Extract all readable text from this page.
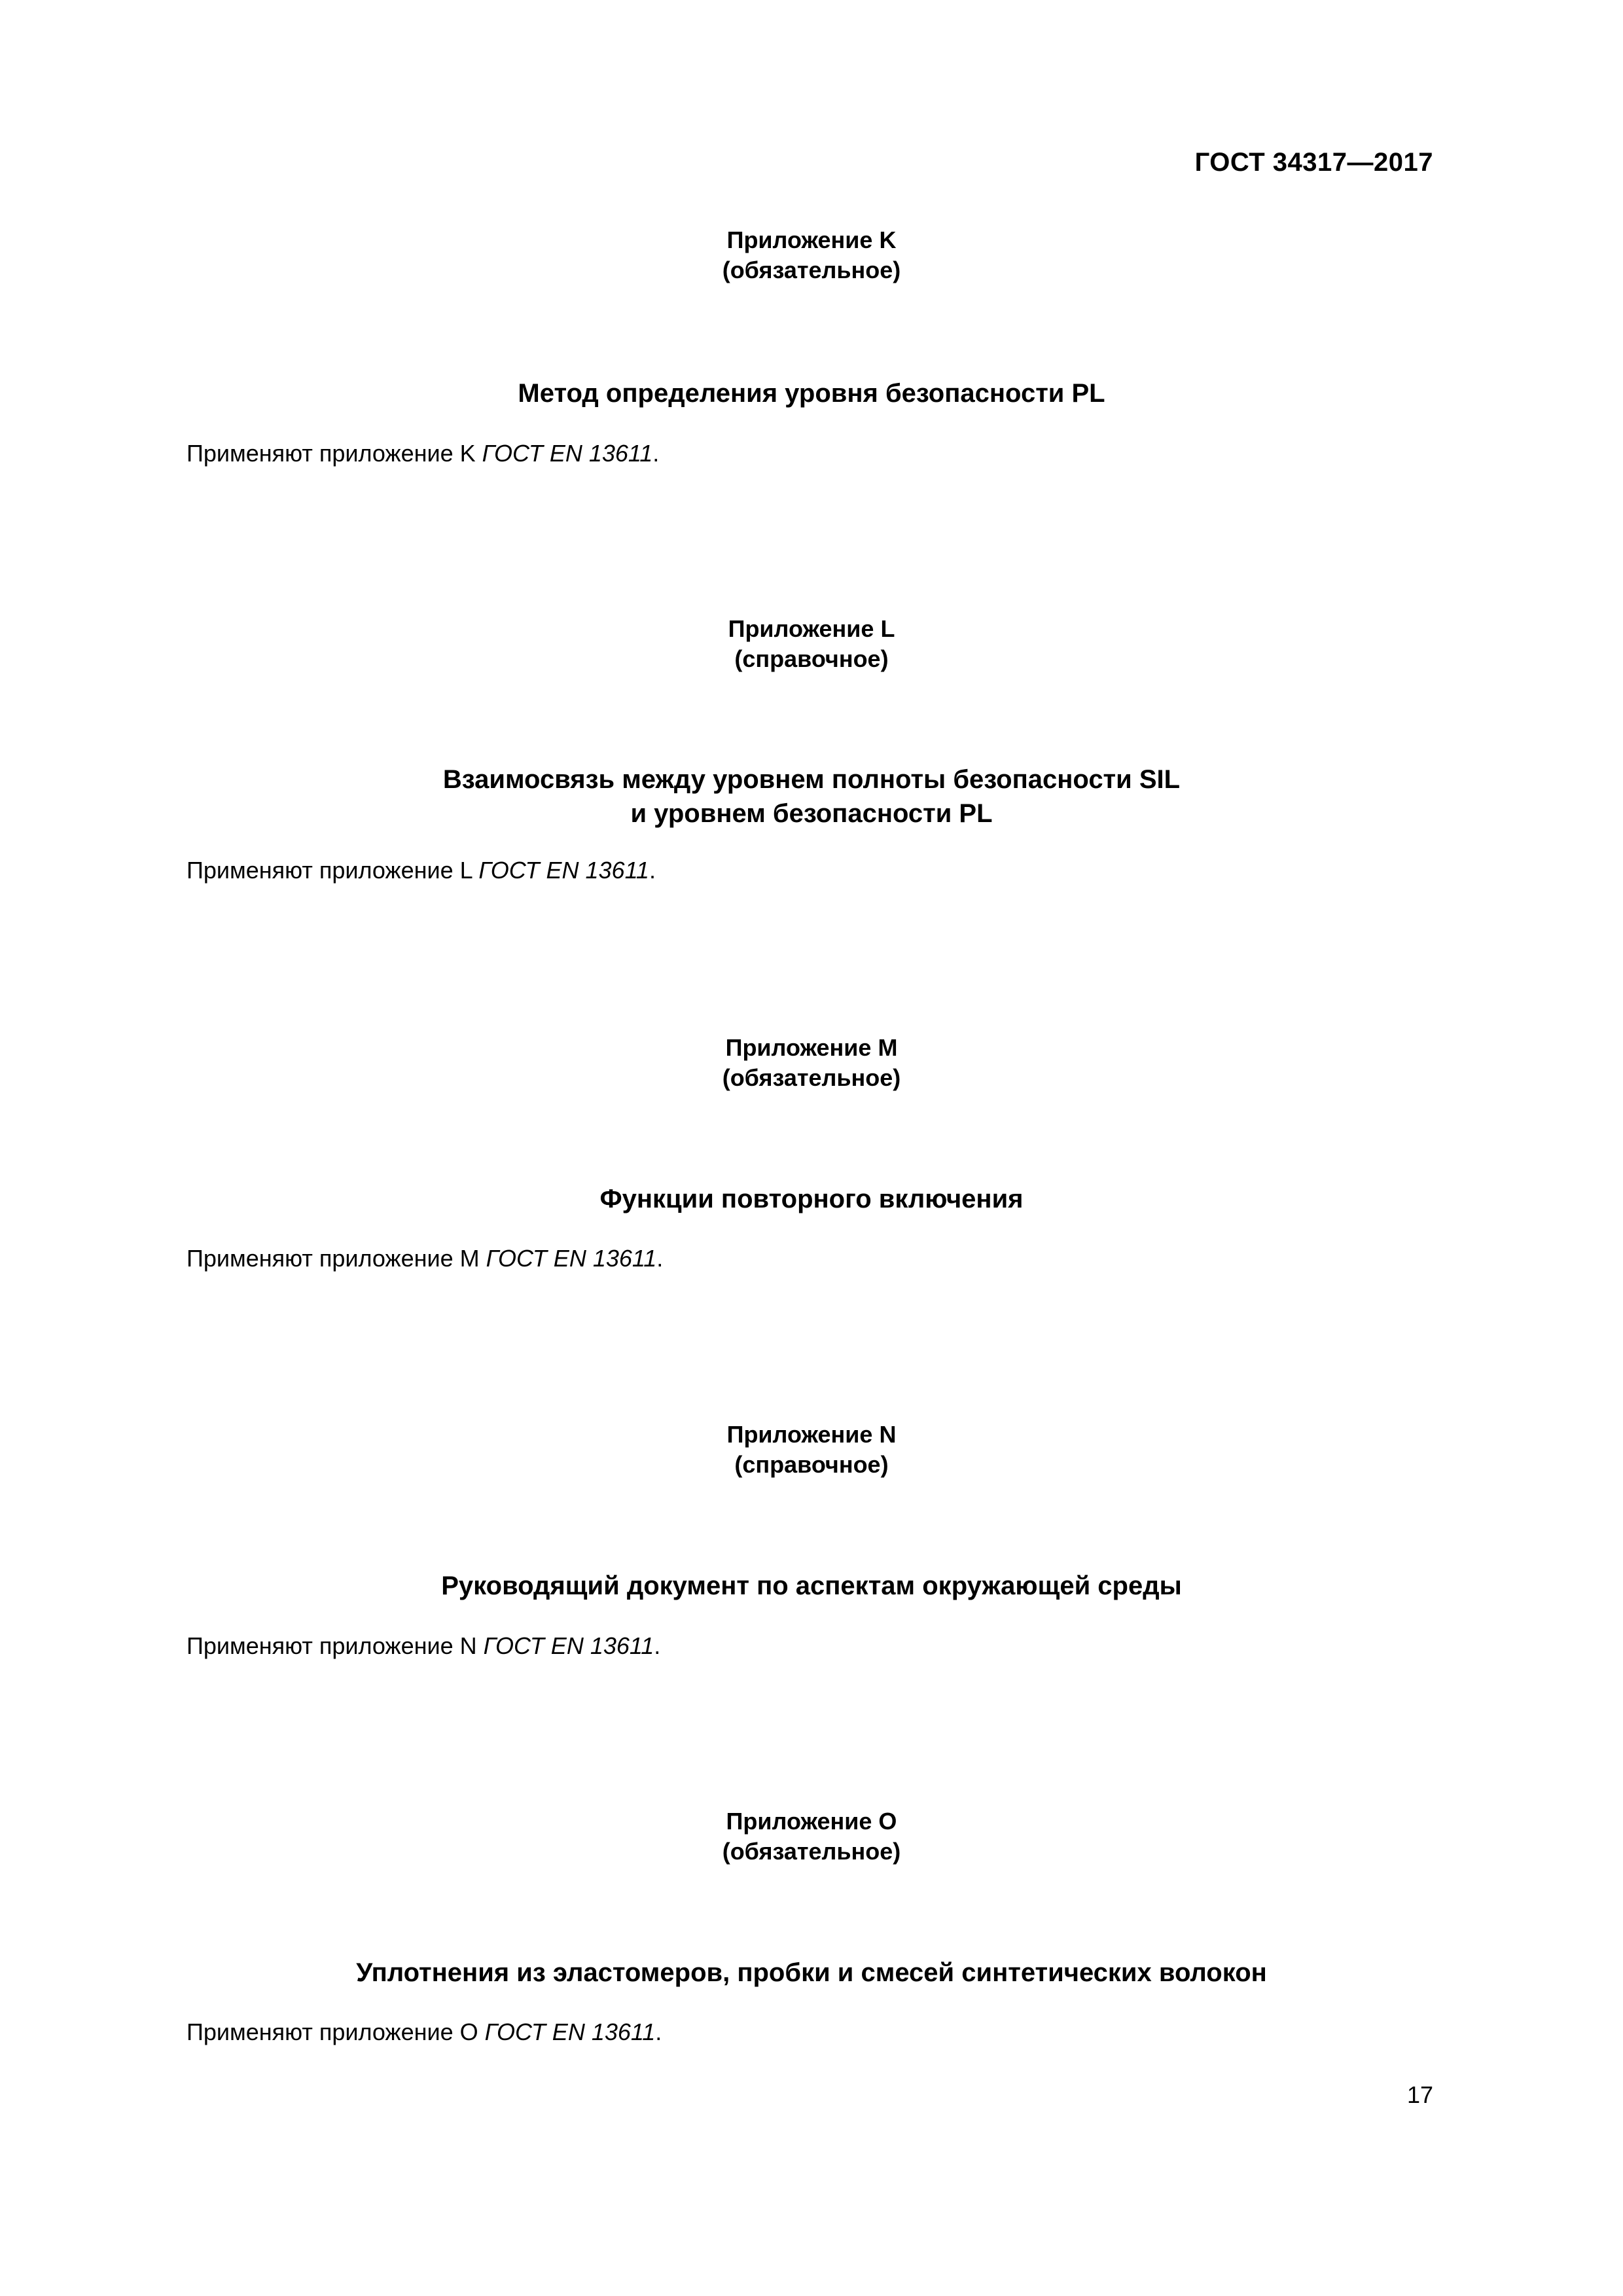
ГОСТ 34317—2017
Приложение K
(обязательное)
Метод определения уровня безопасности PL
Применяют приложение K ГОСТ EN 13611.
Приложение L
(справочное)
Взаимосвязь между уровнем полноты безопасности SIL
и уровнем безопасности PL
Применяют приложение L ГОСТ EN 13611.
Приложение M
(обязательное)
Функции повторного включения
Применяют приложение M ГОСТ EN 13611.
Приложение N
(справочное)
Руководящий документ по аспектам окружающей среды
Применяют приложение N ГОСТ EN 13611.
Приложение O
(обязательное)
Уплотнения из эластомеров, пробки и смесей синтетических волокон
Применяют приложение O ГОСТ EN 13611.
17
